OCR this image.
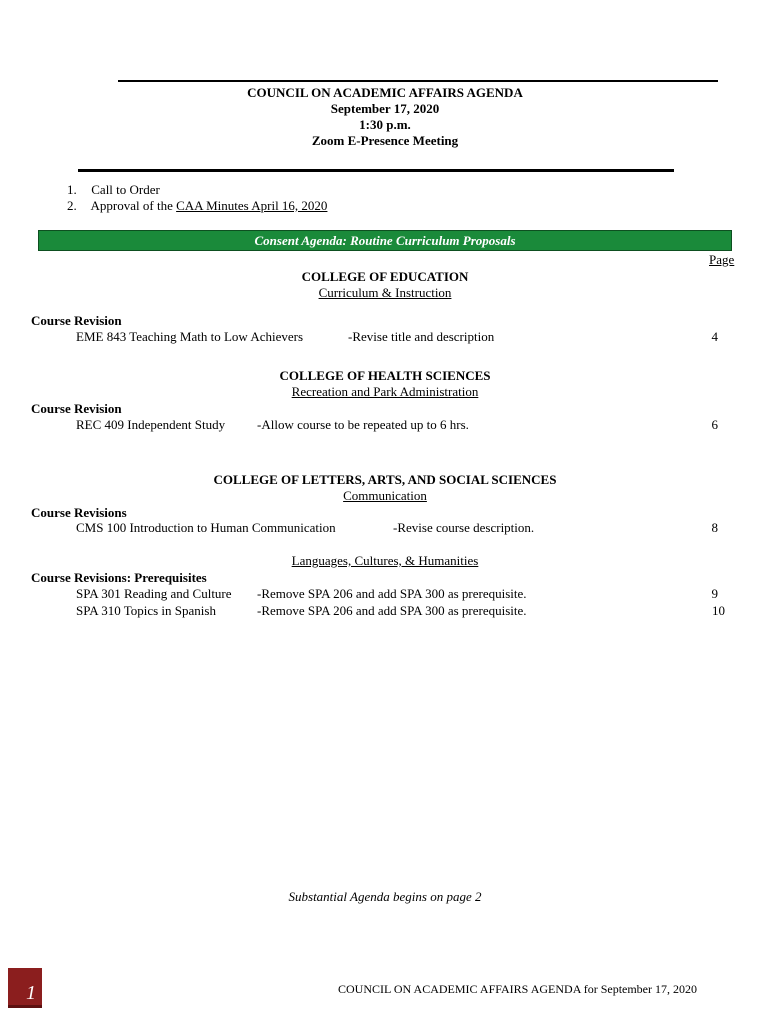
COUNCIL ON ACADEMIC AFFAIRS AGENDA
September 17, 2020
1:30 p.m.
Zoom E-Presence Meeting
1. Call to Order
2. Approval of the CAA Minutes April 16, 2020
Consent Agenda: Routine Curriculum Proposals
Page
COLLEGE OF EDUCATION
Curriculum & Instruction
Course Revision
EME 843 Teaching Math to Low Achievers	-Revise title and description	4
COLLEGE OF HEALTH SCIENCES
Recreation and Park Administration
Course Revision
REC 409 Independent Study -Allow course to be repeated up to 6 hrs.	6
COLLEGE OF LETTERS, ARTS, AND SOCIAL SCIENCES
Communication
Course Revisions
CMS 100 Introduction to Human Communication	-Revise course description.	8
Languages, Cultures, & Humanities
Course Revisions: Prerequisites
SPA 301 Reading and Culture -Remove SPA 206 and add SPA 300 as prerequisite.	9
SPA 310 Topics in Spanish	-Remove SPA 206 and add SPA 300 as prerequisite.	10
Substantial Agenda begins on page 2
1	COUNCIL ON ACADEMIC AFFAIRS AGENDA for September 17, 2020
